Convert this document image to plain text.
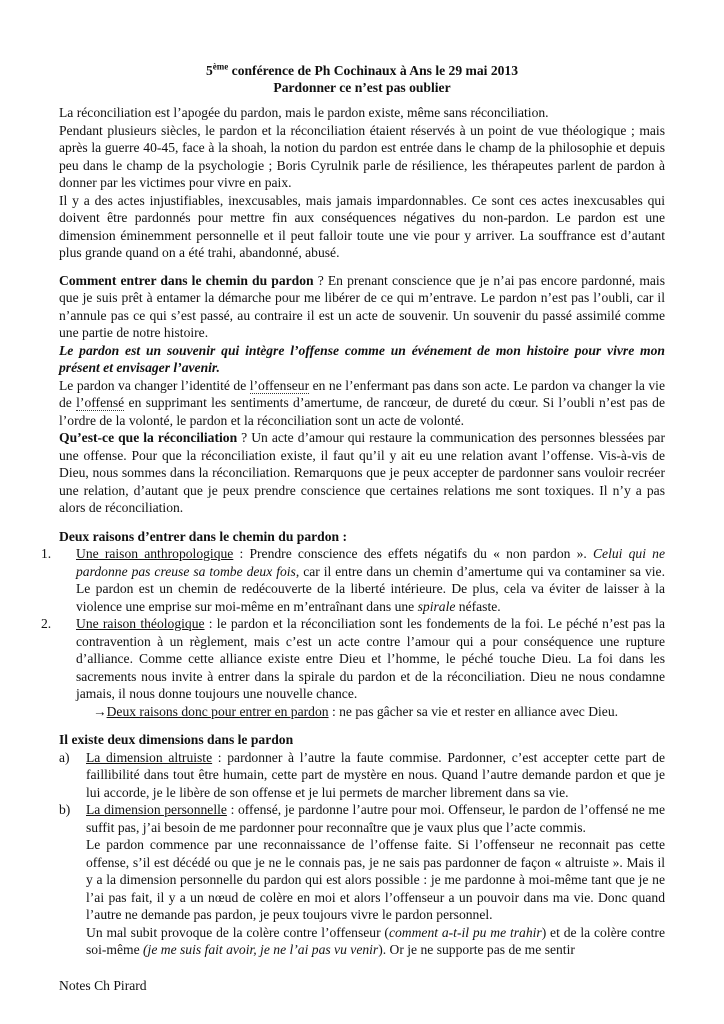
5ème conférence de Ph Cochinaux à Ans le 29 mai 2013
Pardonner ce n’est pas oublier

La réconciliation est l’apogée du pardon, mais le pardon existe, même sans réconciliation.

Pendant plusieurs siècles, le pardon et la réconciliation étaient réservés à un point de vue théologique ; mais après la guerre 40-45, face à la shoah, la notion du pardon est entrée dans le champ de la philosophie et depuis peu dans le champ de la psychologie ; Boris Cyrulnik parle de résilience, les thérapeutes parlent de pardon à donner par les victimes pour vivre en paix.

Il y a des actes injustifiables, inexcusables, mais jamais impardonnables. Ce sont ces actes inexcusables qui doivent être pardonnés pour mettre fin aux conséquences négatives du non-pardon. Le pardon est une dimension éminemment personnelle et il peut falloir toute une vie pour y arriver. La souffrance est d’autant plus grande quand on a été trahi, abandonné, abusé.

Comment entrer dans le chemin du pardon ? En prenant conscience que je n’ai pas encore pardonné, mais que je suis prêt à entamer la démarche pour me libérer de ce qui m’entrave. Le pardon n’est pas l’oubli, car il n’annule pas ce qui s’est passé, au contraire il est un acte de souvenir. Un souvenir du passé assimilé comme une partie de notre histoire.

Le pardon est un souvenir qui intègre l’offense comme un événement de mon histoire pour vivre mon présent et envisager l’avenir.

Le pardon va changer l’identité de l’offenseur en ne l’enfermant pas dans son acte. Le pardon va changer la vie de l’offensé en supprimant les sentiments d’amertume, de rancœur, de dureté du cœur. Si l’oubli n’est pas de l’ordre de la volonté, le pardon et la réconciliation sont un acte de volonté.

Qu’est-ce que la réconciliation ? Un acte d’amour qui restaure la communication des personnes blessées par une offense. Pour que la réconciliation existe, il faut qu’il y ait eu une relation avant l’offense. Vis-à-vis de Dieu, nous sommes dans la réconciliation. Remarquons que je peux accepter de pardonner sans vouloir recréer une relation, d’autant que je peux prendre conscience que certaines relations me sont toxiques. Il n’y a pas alors de réconciliation.

Deux raisons d’entrer dans le chemin du pardon :

1.	Une raison anthropologique : Prendre conscience des effets négatifs du « non pardon ». Celui qui ne pardonne pas creuse sa tombe deux fois, car il entre dans un chemin d’amertume qui va contaminer sa vie. Le pardon est un chemin de redécouverte de la liberté intérieure. De plus, cela va éviter de laisser à la violence une emprise sur moi-même en m’entraînant dans une spirale néfaste.
2.	Une raison théologique : le pardon et la réconciliation sont les fondements de la foi. Le péché n’est pas la contravention à un règlement, mais c’est un acte contre l’amour qui a pour conséquence une rupture d’alliance. Comme cette alliance existe entre Dieu et l’homme, le péché touche Dieu. La foi dans les sacrements nous invite à entrer dans la spirale du pardon et de la réconciliation. Dieu ne nous condamne jamais, il nous donne toujours une nouvelle chance.
→Deux raisons donc pour entrer en pardon : ne pas gâcher sa vie et rester en alliance avec Dieu.

Il existe deux dimensions dans le pardon

a) La dimension altruiste : pardonner à l’autre la faute commise. Pardonner, c’est accepter cette part de faillibilité dans tout être humain, cette part de mystère en nous. Quand l’autre demande pardon et que je lui accorde, je le libère de son offense et je lui permets de marcher librement dans sa vie.
b) La dimension personnelle : offensé, je pardonne l’autre pour moi. Offenseur, le pardon de l’offensé ne me suffit pas, j’ai besoin de me pardonner pour reconnaître que je vaux plus que l’acte commis.

Le pardon commence par une reconnaissance de l’offense faite. Si l’offenseur ne reconnait pas cette offense, s’il est décédé ou que je ne le connais pas, je ne sais pas pardonner de façon « altruiste ». Mais il y a la dimension personnelle du pardon qui est alors possible : je me pardonne à moi-même tant que je ne l’ai pas fait, il y a un nœud de colère en moi et alors l’offenseur a un pouvoir dans ma vie. Donc quand l’autre ne demande pas pardon, je peux toujours vivre le pardon personnel.

Un mal subit provoque de la colère contre l’offenseur (comment a-t-il pu me trahir) et de la colère contre soi-même (je me suis fait avoir, je ne l’ai pas vu venir). Or je ne supporte pas de me sentir

Notes Ch Pirard
